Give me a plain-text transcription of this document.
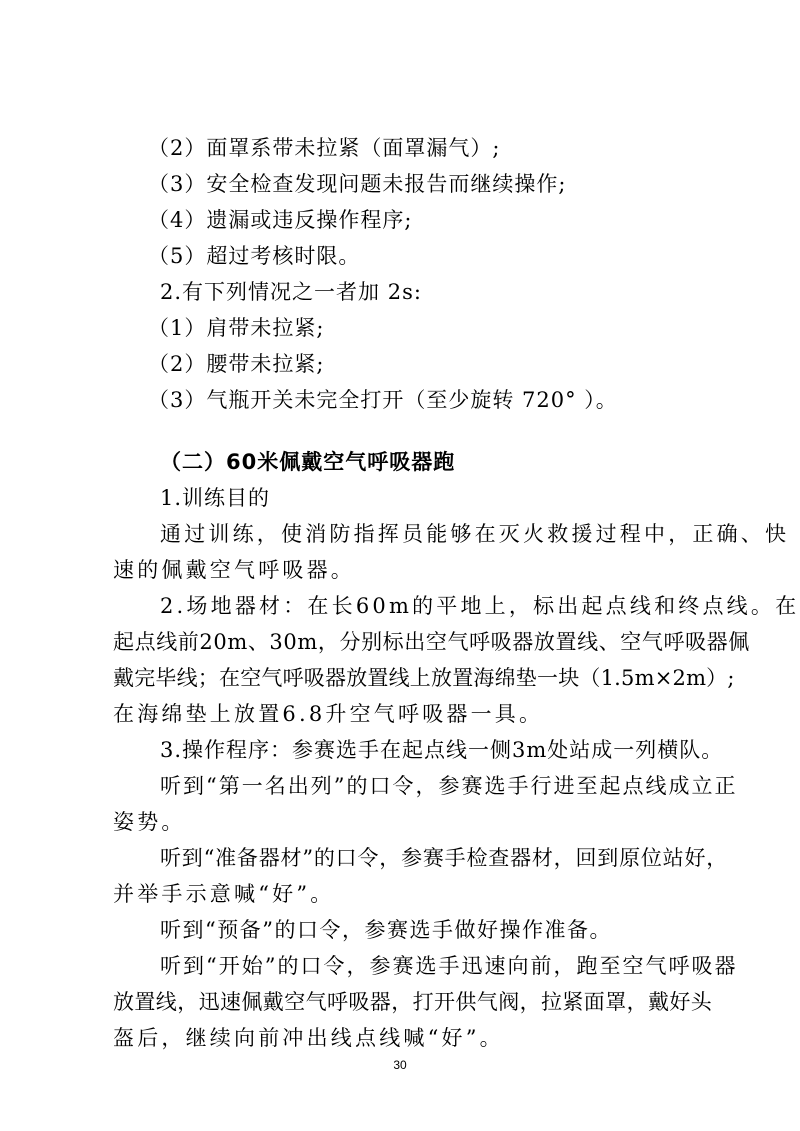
（2）面罩系带未拉紧（面罩漏气）;
（3）安全检查发现问题未报告而继续操作;
（4）遗漏或违反操作程序;
（5）超过考核时限。
2.有下列情况之一者加 2s:
（1）肩带未拉紧;
（2）腰带未拉紧;
（3）气瓶开关未完全打开（至少旋转 720° ）。
（二）60米佩戴空气呼吸器跑
1.训练目的
通过训练，使消防指挥员能够在灭火救援过程中，正确、快
速的佩戴空气呼吸器。
2.场地器材：在长60m的平地上，标出起点线和终点线。在
起点线前20m、30m，分别标出空气呼吸器放置线、空气呼吸器佩
戴完毕线；在空气呼吸器放置线上放置海绵垫一块（1.5m×2m）;
在海绵垫上放置6.8升空气呼吸器一具。
3.操作程序：参赛选手在起点线一侧3m处站成一列横队。
听到“第一名出列”的口令，参赛选手行进至起点线成立正
姿势。
听到“准备器材”的口令，参赛手检查器材，回到原位站好，
并举手示意喊“好”。
听到“预备”的口令，参赛选手做好操作准备。
听到“开始”的口令，参赛选手迅速向前，跑至空气呼吸器
放置线，迅速佩戴空气呼吸器，打开供气阀，拉紧面罩，戴好头
盔后，继续向前冲出线点线喊“好”。
30
